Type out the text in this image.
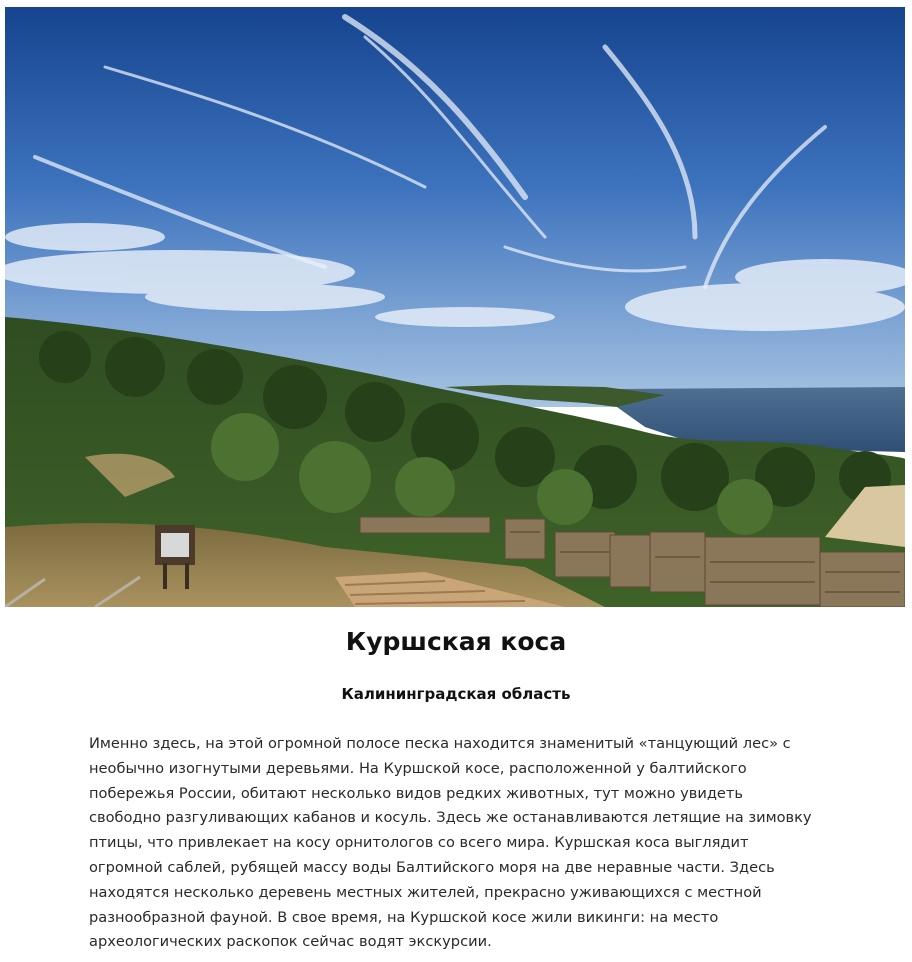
Куршская коса
Калининградская область

Именно здесь, на этой огромной полосе песка находится знаменитый «танцующий лес» с
необычно изогнутыми деревьями. На Куршской косе, расположенной у балтийского
побережья России, обитают несколько видов редких животных, тут можно увидеть
свободно разгуливающих кабанов и косуль. Здесь же останавливаются летящие на зимовку
птицы, что привлекает на косу орнитологов со всего мира. Куршская коса выглядит
огромной саблей, рубящей массу воды Балтийского моря на две неравные части. Здесь
находятся несколько деревень местных жителей, прекрасно уживающихся с местной
разнообразной фауной. В свое время, на Куршской косе жили викинги: на место
археологических раскопок сейчас водят экскурсии.
